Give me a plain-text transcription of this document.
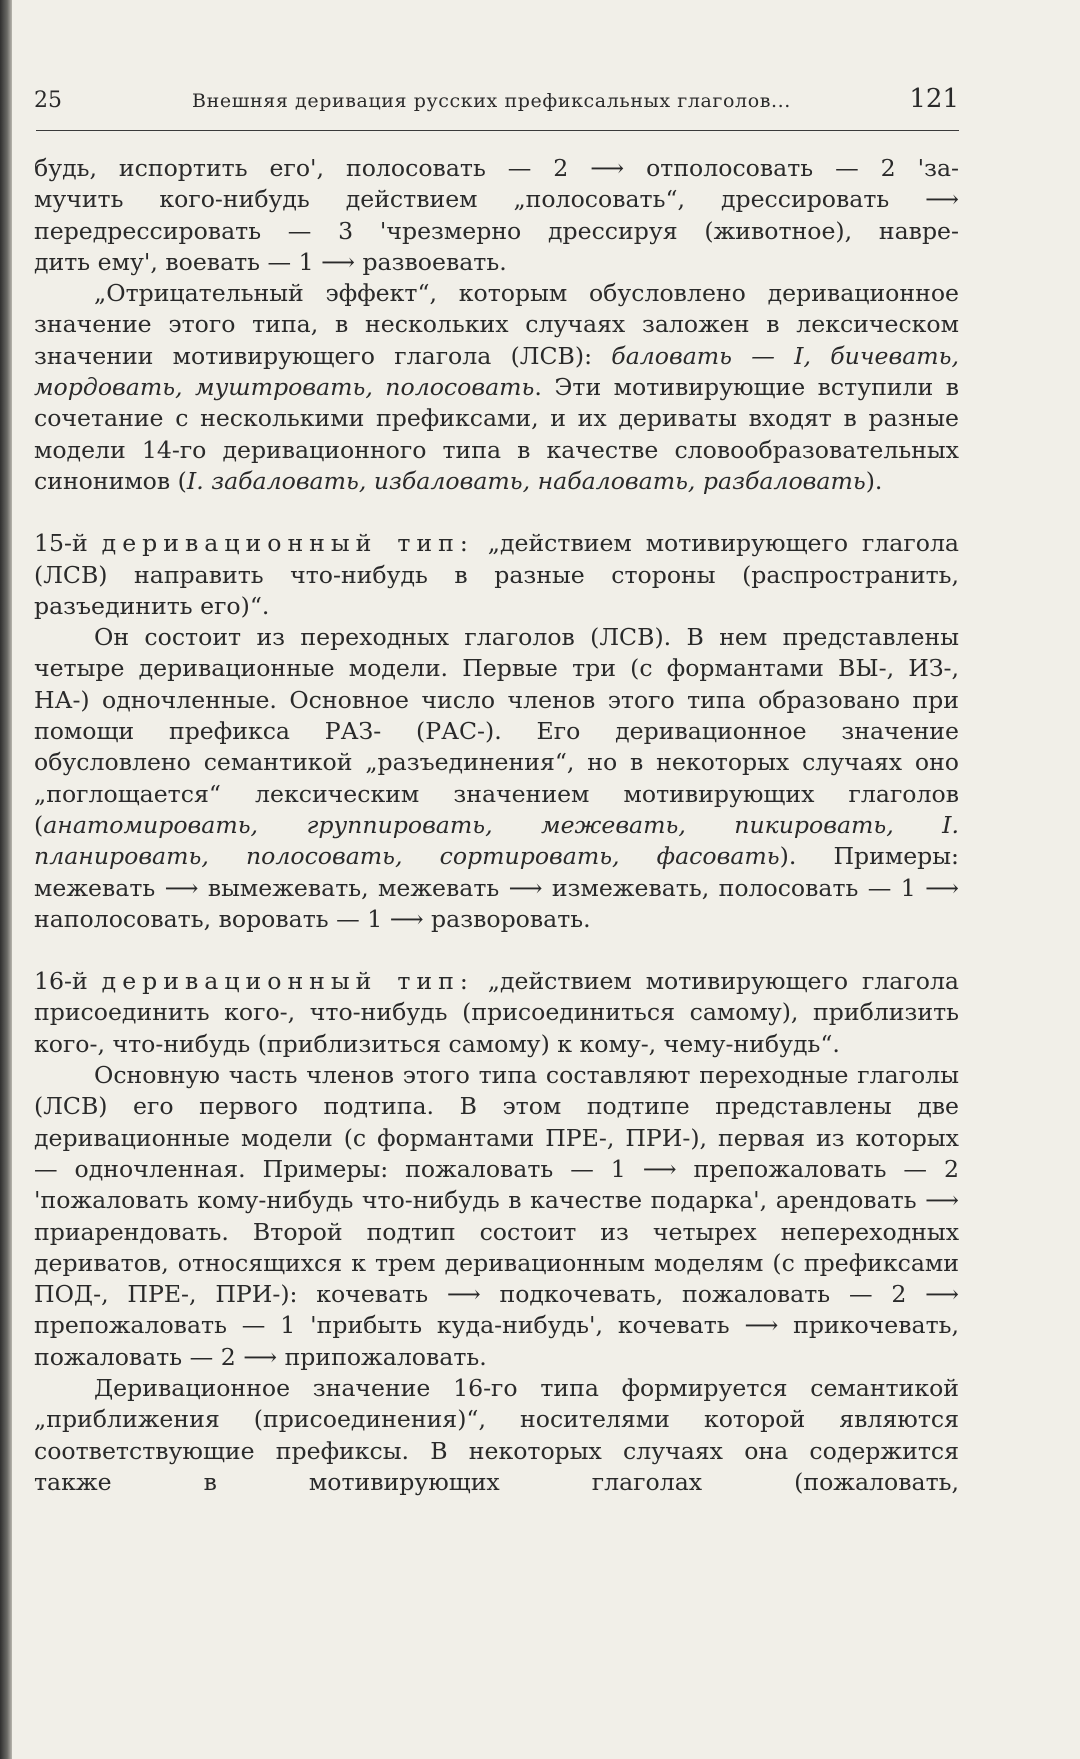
25	Внешняя деривация русских префиксальных глаголов...	121

будь, испортить его', полосовать — 2 ⟶ отполосовать — 2 'за-

мучить кого-нибудь действием „полосовать“, дрессировать ⟶

передрессировать — 3 'чрезмерно дрессируя (животное), навре-

дить ему', воевать — 1 ⟶ развоевать.

„Отрицательный эффект“, которым обусловлено деривационное значение этого типа, в нескольких случаях заложен в лексическом значении мотивирующего глагола (ЛСВ): баловать — I, бичевать, мордовать, муштровать, полосовать. Эти мотивирующие вступили в сочетание с несколькими префиксами, и их дериваты входят в разные модели 14-го деривационного типа в качестве словообразовательных синонимов (I. забаловать, избаловать, набаловать, разбаловать).

15-й деривационный тип: „действием мотивирующего глагола (ЛСВ) направить что-нибудь в разные стороны (распространить, разъединить его)“.

Он состоит из переходных глаголов (ЛСВ). В нем представлены четыре деривационные модели. Первые три (с формантами ВЫ-, ИЗ-, НА-) одночленные. Основное число членов этого типа образовано при помощи префикса РАЗ- (РАС-). Его деривационное значение обусловлено семантикой „разъединения“, но в некоторых случаях оно „поглощается“ лексическим значением мотивирующих глаголов (анатомировать, группировать, межевать, пикировать, I. планировать, полосовать, сортировать, фасовать). Примеры: межевать ⟶ вымежевать, межевать ⟶ измежевать, полосовать — 1 ⟶ наполосовать, воровать — 1 ⟶ разворовать.

16-й деривационный тип: „действием мотивирующего глагола присоединить кого-, что-нибудь (присоединиться самому), приблизить кого-, что-нибудь (приблизиться самому) к кому-, чему-нибудь“.

Основную часть членов этого типа составляют переходные глаголы (ЛСВ) его первого подтипа. В этом подтипе представлены две деривационные модели (с формантами ПРЕ-, ПРИ-), первая из которых — одночленная. Примеры: пожаловать — 1 ⟶ препожаловать — 2 'пожаловать кому-нибудь что-нибудь в качестве подарка', арендовать ⟶ приарендовать. Второй подтип состоит из четырех непереходных дериватов, относящихся к трем деривационным моделям (с префиксами ПОД-, ПРЕ-, ПРИ-): кочевать ⟶ подкочевать, пожаловать — 2 ⟶ препожаловать — 1 'прибыть куда-нибудь', кочевать ⟶ прикочевать, пожаловать — 2 ⟶ припожаловать.

Деривационное значение 16-го типа формируется семантикой „приближения (присоединения)“, носителями которой являются соответствующие префиксы. В некоторых случаях она содержится также в мотивирующих глаголах (пожаловать,
